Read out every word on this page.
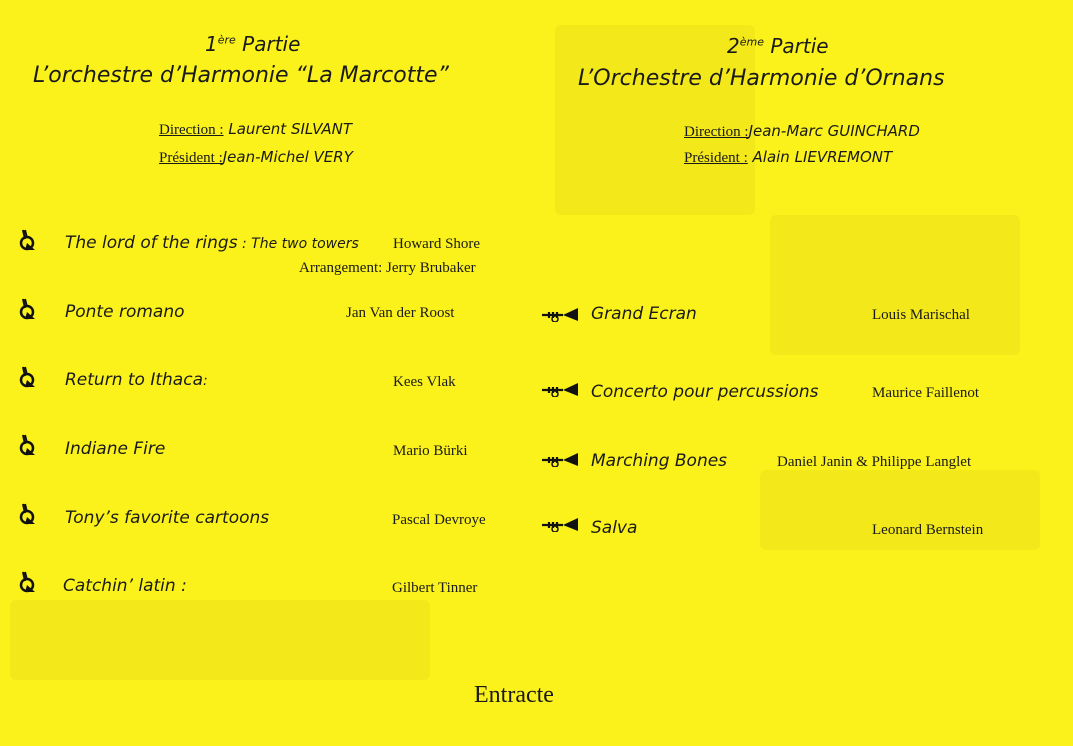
1ère Partie
L’orchestre d’Harmonie “La Marcotte”
Direction : Laurent SILVANT
Président :Jean-Michel VERY
2ème Partie
L’Orchestre d’Harmonie d’Ornans
Direction :Jean-Marc GUINCHARD
Président : Alain LIEVREMONT
The lord of the rings : The two towers Howard Shore
Arrangement: Jerry Brubaker
Ponte romano	Jan Van der Roost
Return to Ithaca:	Kees Vlak
Indiane Fire	Mario Bürki
Tony’s favorite cartoons	Pascal Devroye
Catchin’ latin :	Gilbert Tinner
Grand Ecran	Louis Marischal
Concerto pour percussions	Maurice Faillenot
Marching Bones	Daniel Janin & Philippe Langlet
Salva	Leonard Bernstein
Entracte
